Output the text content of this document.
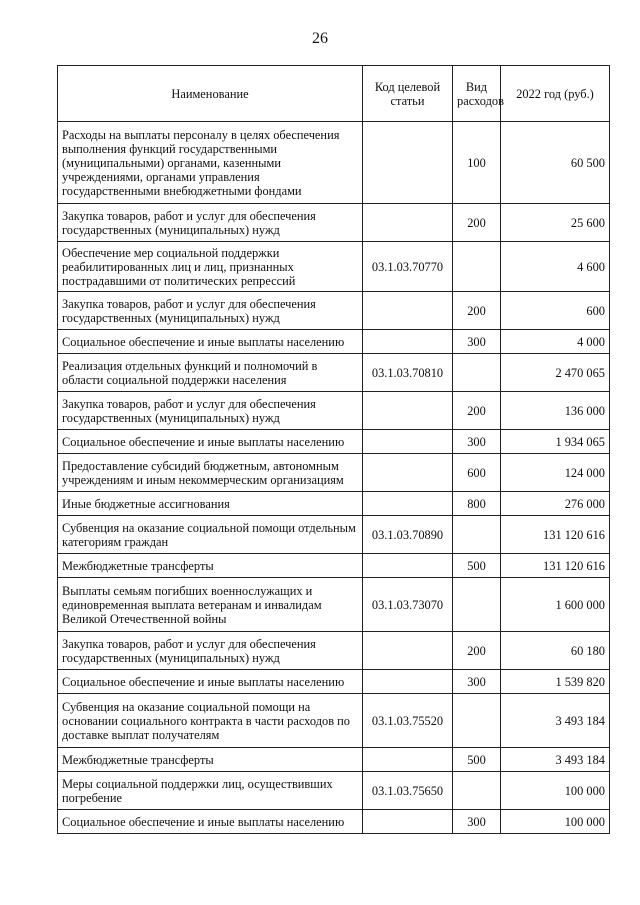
26
Наименование	Код целевой статьи	Вид расходов	2022 год (руб.)
Расходы на выплаты персоналу в целях обеспечения выполнения функций государственными (муниципальными) органами, казенными учреждениями, органами управления государственными внебюджетными фондами		100	60 500
Закупка товаров, работ и услуг для обеспечения государственных (муниципальных) нужд		200	25 600
Обеспечение мер социальной поддержки реабилитированных лиц и лиц, признанных пострадавшими от политических репрессий	03.1.03.70770		4 600
Закупка товаров, работ и услуг для обеспечения государственных (муниципальных) нужд		200	600
Социальное обеспечение и иные выплаты населению		300	4 000
Реализация отдельных функций и полномочий в области социальной поддержки населения	03.1.03.70810		2 470 065
Закупка товаров, работ и услуг для обеспечения государственных (муниципальных) нужд		200	136 000
Социальное обеспечение и иные выплаты населению		300	1 934 065
Предоставление субсидий бюджетным, автономным учреждениям и иным некоммерческим организациям		600	124 000
Иные бюджетные ассигнования		800	276 000
Субвенция на оказание социальной помощи отдельным категориям граждан	03.1.03.70890		131 120 616
Межбюджетные трансферты		500	131 120 616
Выплаты семьям погибших военнослужащих и единовременная выплата ветеранам и инвалидам Великой Отечественной войны	03.1.03.73070		1 600 000
Закупка товаров, работ и услуг для обеспечения государственных (муниципальных) нужд		200	60 180
Социальное обеспечение и иные выплаты населению		300	1 539 820
Субвенция на оказание социальной помощи на основании социального контракта в части расходов по доставке выплат получателям	03.1.03.75520		3 493 184
Межбюджетные трансферты		500	3 493 184
Меры социальной поддержки лиц, осуществивших погребение	03.1.03.75650		100 000
Социальное обеспечение и иные выплаты населению		300	100 000
